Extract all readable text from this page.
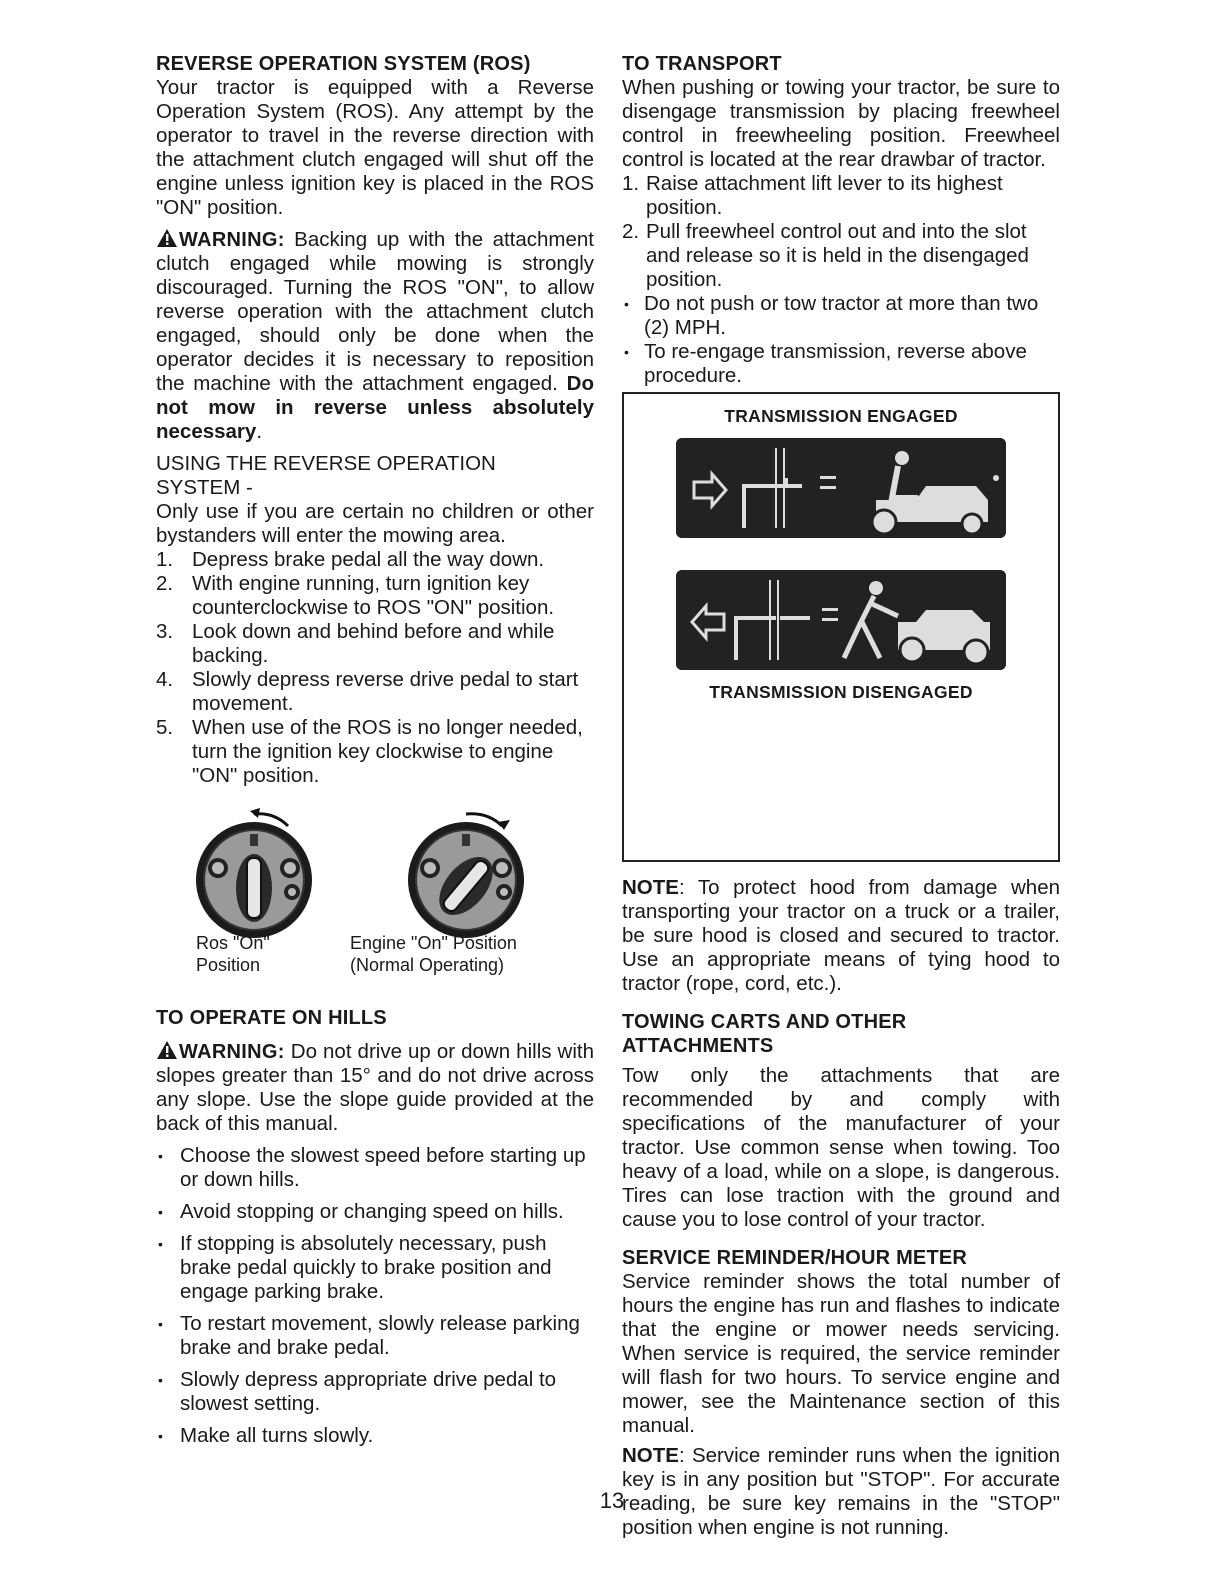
REVERSE OPERATION SYSTEM (ROS)

Your tractor is equipped with a Reverse Operation System (ROS). Any attempt by the operator to travel in the reverse direction with the attachment clutch engaged will shut off the engine unless ignition key is placed in the ROS "ON" position.

WARNING: Backing up with the attachment clutch engaged while mowing is strongly discouraged. Turning the ROS "ON", to allow reverse operation with the attachment clutch engaged, should only be done when the operator decides it is necessary to reposition the machine with the attachment engaged. Do not mow in reverse unless absolutely necessary.

USING THE REVERSE OPERATION SYSTEM -

Only use if you are certain no children or other bystanders will enter the mowing area.

1. Depress brake pedal all the way down.
2. With engine running, turn ignition key counterclockwise to ROS "ON" position.
3. Look down and behind before and while backing.
4. Slowly depress reverse drive pedal to start movement.
5. When use of the ROS is no longer needed, turn the ignition key clockwise to engine "ON" position.
Ros "On"
Position
Engine "On" Position
(Normal Operating)
TO OPERATE ON HILLS

WARNING: Do not drive up or down hills with slopes greater than 15° and do not drive across any slope. Use the slope guide provided at the back of this manual.

• Choose the slowest speed before starting up or down hills.
• Avoid stopping or changing speed on hills.
• If stopping is absolutely necessary, push brake pedal quickly to brake position and engage parking brake.
• To restart movement, slowly release parking brake and brake pedal.
• Slowly depress appropriate drive pedal to slowest setting.
• Make all turns slowly.
TO TRANSPORT

When pushing or towing your tractor, be sure to disengage transmission by placing freewheel control in freewheeling position. Freewheel control is located at the rear drawbar of tractor.

1. Raise attachment lift lever to its highest position.
2. Pull freewheel control out and into the slot and release so it is held in the disengaged position.
• Do not push or tow tractor at more than two (2) MPH.
• To re-engage transmission, reverse above procedure.
TRANSMISSION ENGAGED
TRANSMISSION DISENGAGED

NOTE: To protect hood from damage when transporting your tractor on a truck or a trailer, be sure hood is closed and secured to tractor. Use an appropriate means of tying hood to tractor (rope, cord, etc.).

TOWING CARTS AND OTHER ATTACHMENTS

Tow only the attachments that are recommended by and comply with specifications of the manufacturer of your tractor. Use common sense when towing. Too heavy of a load, while on a slope, is dangerous. Tires can lose traction with the ground and cause you to lose control of your tractor.

SERVICE REMINDER/HOUR METER

Service reminder shows the total number of hours the engine has run and flashes to indicate that the engine or mower needs servicing. When service is required, the service reminder will flash for two hours. To service engine and mower, see the Maintenance section of this manual.

NOTE: Service reminder runs when the ignition key is in any position but "STOP". For accurate reading, be sure key remains in the "STOP" position when engine is not running.

13
